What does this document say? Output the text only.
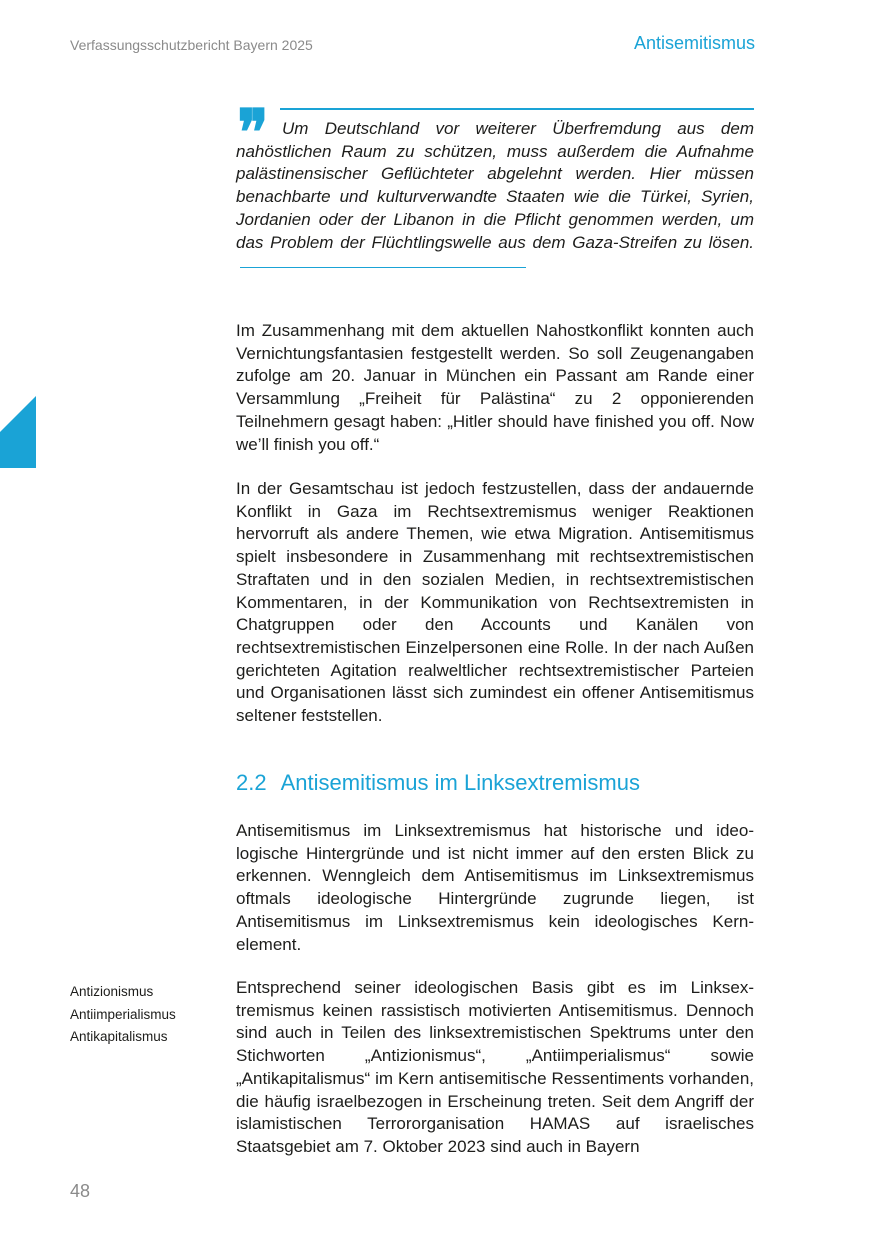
Verfassungsschutzbericht Bayern 2025	Antisemitismus
❞	Um Deutschland vor weiterer Überfremdung aus dem nahöstlichen Raum zu schützen, muss außerdem die Aufnahme palästinensischer Geflüchteter abgelehnt werden. Hier müssen benachbarte und kulturverwandte Staaten wie die Türkei, Syrien, Jordanien oder der Libanon in die Pflicht genommen werden, um das Problem der Flüchtlingswelle aus dem Gaza-Streifen zu lösen.

Im Zusammenhang mit dem aktuellen Nahostkonflikt konnten auch Vernichtungsfantasien festgestellt werden. So soll Zeugenangaben zufolge am 20. Januar in München ein Passant am Rande einer Versammlung „Freiheit für Palästina“ zu 2 opponierenden Teilnehmern gesagt haben: „Hitler should have finished you off. Now we’ll finish you off.“

In der Gesamtschau ist jedoch festzustellen, dass der andauernde Konflikt in Gaza im Rechtsextremismus weniger Reaktionen hervorruft als andere Themen, wie etwa Migration. Antisemitismus spielt insbesondere in Zusammenhang mit rechtsextremistischen Straftaten und in den sozialen Medien, in rechtsextremistischen Kommentaren, in der Kommunikation von Rechtsextremisten in Chatgruppen oder den Accounts und Kanälen von rechtsextremistischen Einzelpersonen eine Rolle. In der nach Außen gerichteten Agitation realweltlicher rechtsextremistischer Parteien und Organisationen lässt sich zumindest ein offener Antisemitismus seltener feststellen.

2.2 Antisemitismus im Linksextremismus

Antisemitismus im Linksextremismus hat historische und ideologische Hintergründe und ist nicht immer auf den ersten Blick zu erkennen. Wenngleich dem Antisemitismus im Linksextremismus oftmals ideologische Hintergründe zugrunde liegen, ist Antisemitismus im Linksextremismus kein ideologisches Kernelement.

Antizionismus
Antiimperialismus
Antikapitalismus

Entsprechend seiner ideologischen Basis gibt es im Linksextremismus keinen rassistisch motivierten Antisemitismus. Dennoch sind auch in Teilen des linksextremistischen Spektrums unter den Stichworten „Antizionismus“, „Antiimperialismus“ sowie „Antikapitalismus“ im Kern antisemitische Ressentiments vorhanden, die häufig israelbezogen in Erscheinung treten. Seit dem Angriff der islamistischen Terrororganisation HAMAS auf israelisches Staatsgebiet am 7. Oktober 2023 sind auch in Bayern

48
